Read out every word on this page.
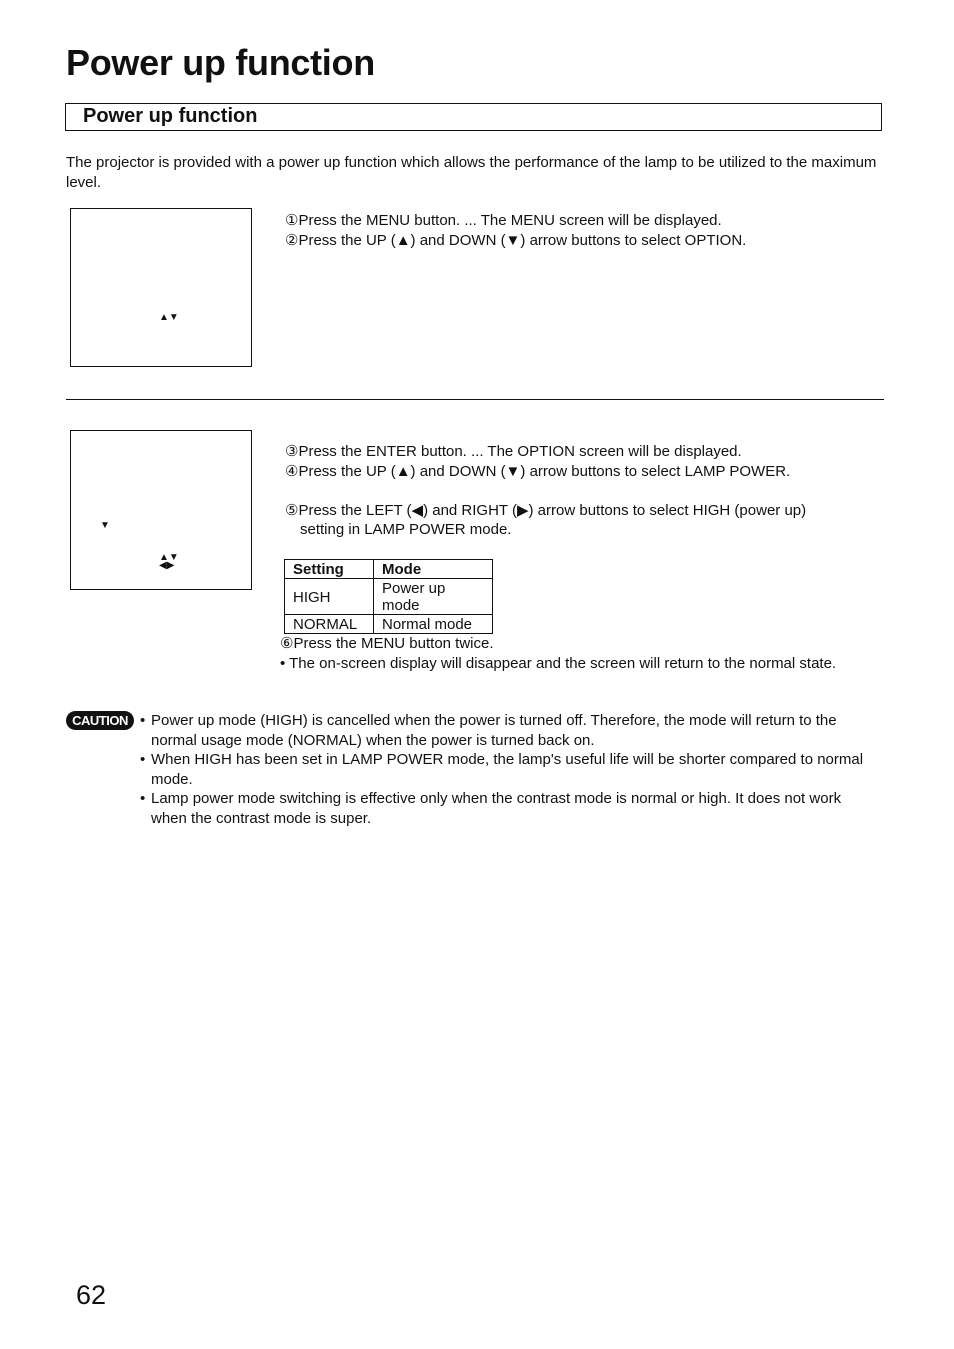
Power up function
Power up function
The projector is provided with a power up function which allows the performance of the lamp to be utilized to the maximum level.
▲▼
①Press the MENU button. ... The MENU screen will be displayed.
②Press the UP (▲) and DOWN (▼) arrow buttons to select OPTION.
▼
▲▼ ◀▶
③Press the ENTER button. ... The OPTION screen will be displayed.
④Press the UP (▲) and DOWN (▼) arrow buttons to select LAMP POWER.
⑤Press the LEFT (◀) and RIGHT (▶) arrow buttons to select HIGH (power up)
setting in LAMP POWER mode.
Setting	Mode
HIGH	Power up mode
NORMAL	Normal mode
⑥Press the MENU button twice.
• The on-screen display will disappear and the screen will return to the normal state.
CAUTION • Power up mode (HIGH) is cancelled when the power is turned off. Therefore, the mode will return to the normal usage mode (NORMAL) when the power is turned back on.
• When HIGH has been set in LAMP POWER mode, the lamp's useful life will be shorter compared to normal mode.
• Lamp power mode switching is effective only when the contrast mode is normal or high. It does not work when the contrast mode is super.
62
